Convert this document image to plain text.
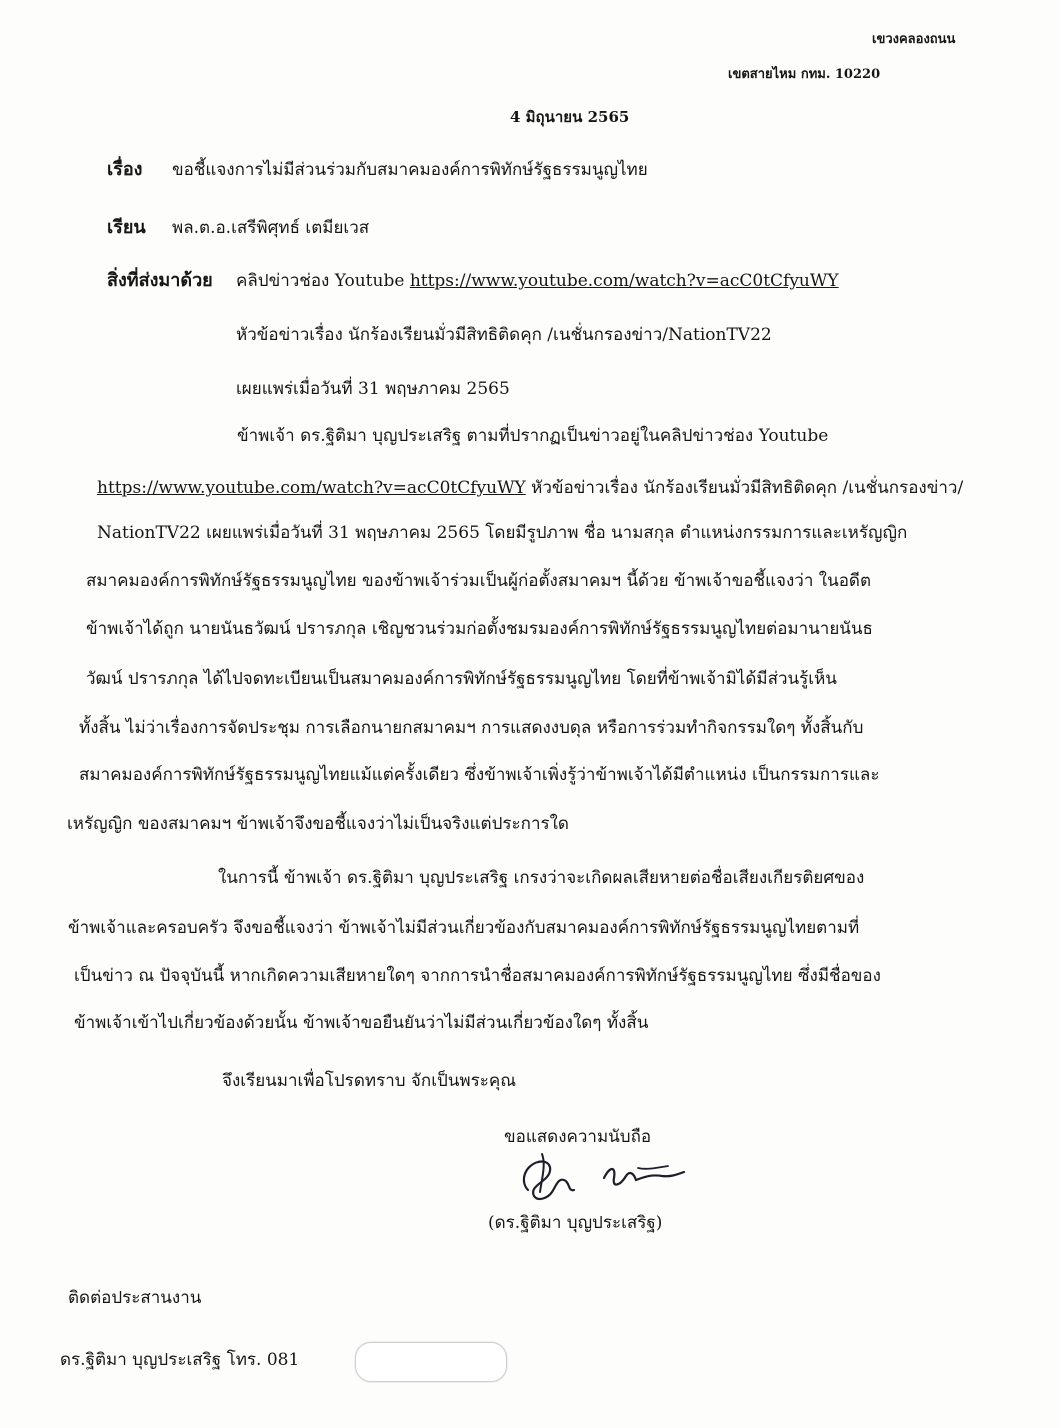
เขวงคลองถนน
เขตสายไหม กทม. 10220
4 มิถุนายน 2565
เรื่อง ขอชี้แจงการไม่มีส่วนร่วมกับสมาคมองค์การพิทักษ์รัฐธรรมนูญไทย
เรียน พล.ต.อ.เสรีพิศุทธ์ เตมียเวส
สิ่งที่ส่งมาด้วย คลิปข่าวช่อง Youtube https://www.youtube.com/watch?v=acC0tCfyuWY
หัวข้อข่าวเรื่อง นักร้องเรียนมั่วมีสิทธิติดคุก /เนชั่นกรองข่าว/NationTV22
เผยแพร่เมื่อวันที่ 31 พฤษภาคม 2565
ข้าพเจ้า ดร.ฐิติมา บุญประเสริฐ ตามที่ปรากฏเป็นข่าวอยู่ในคลิปข่าวช่อง Youtube
https://www.youtube.com/watch?v=acC0tCfyuWY หัวข้อข่าวเรื่อง นักร้องเรียนมั่วมีสิทธิติดคุก /เนชั่นกรองข่าว/
NationTV22 เผยแพร่เมื่อวันที่ 31 พฤษภาคม 2565 โดยมีรูปภาพ ชื่อ นามสกุล ตำแหน่งกรรมการและเหรัญญิก
สมาคมองค์การพิทักษ์รัฐธรรมนูญไทย ของข้าพเจ้าร่วมเป็นผู้ก่อตั้งสมาคมฯ นี้ด้วย ข้าพเจ้าขอชี้แจงว่า ในอดีต
ข้าพเจ้าได้ถูก นายนันธวัฒน์ ปรารภกุล เชิญชวนร่วมก่อตั้งชมรมองค์การพิทักษ์รัฐธรรมนูญไทยต่อมานายนันธ
วัฒน์ ปรารภกุล ได้ไปจดทะเบียนเป็นสมาคมองค์การพิทักษ์รัฐธรรมนูญไทย โดยที่ข้าพเจ้ามิได้มีส่วนรู้เห็น
ทั้งสิ้น ไม่ว่าเรื่องการจัดประชุม การเลือกนายกสมาคมฯ การแสดงงบดุล หรือการร่วมทำกิจกรรมใดๆ ทั้งสิ้นกับ
สมาคมองค์การพิทักษ์รัฐธรรมนูญไทยแม้แต่ครั้งเดียว ซึ่งข้าพเจ้าเพิ่งรู้ว่าข้าพเจ้าได้มีตำแหน่ง เป็นกรรมการและ
เหรัญญิก ของสมาคมฯ ข้าพเจ้าจึงขอชี้แจงว่าไม่เป็นจริงแต่ประการใด
ในการนี้ ข้าพเจ้า ดร.ฐิติมา บุญประเสริฐ เกรงว่าจะเกิดผลเสียหายต่อชื่อเสียงเกียรติยศของ
ข้าพเจ้าและครอบครัว จึงขอชี้แจงว่า ข้าพเจ้าไม่มีส่วนเกี่ยวข้องกับสมาคมองค์การพิทักษ์รัฐธรรมนูญไทยตามที่
เป็นข่าว ณ ปัจจุบันนี้ หากเกิดความเสียหายใดๆ จากการนำชื่อสมาคมองค์การพิทักษ์รัฐธรรมนูญไทย ซึ่งมีชื่อของ
ข้าพเจ้าเข้าไปเกี่ยวข้องด้วยนั้น ข้าพเจ้าขอยืนยันว่าไม่มีส่วนเกี่ยวข้องใดๆ ทั้งสิ้น
จึงเรียนมาเพื่อโปรดทราบ จักเป็นพระคุณ
ขอแสดงความนับถือ
(ดร.ฐิติมา บุญประเสริฐ)
ติดต่อประสานงาน
ดร.ฐิติมา บุญประเสริฐ โทร. 081
